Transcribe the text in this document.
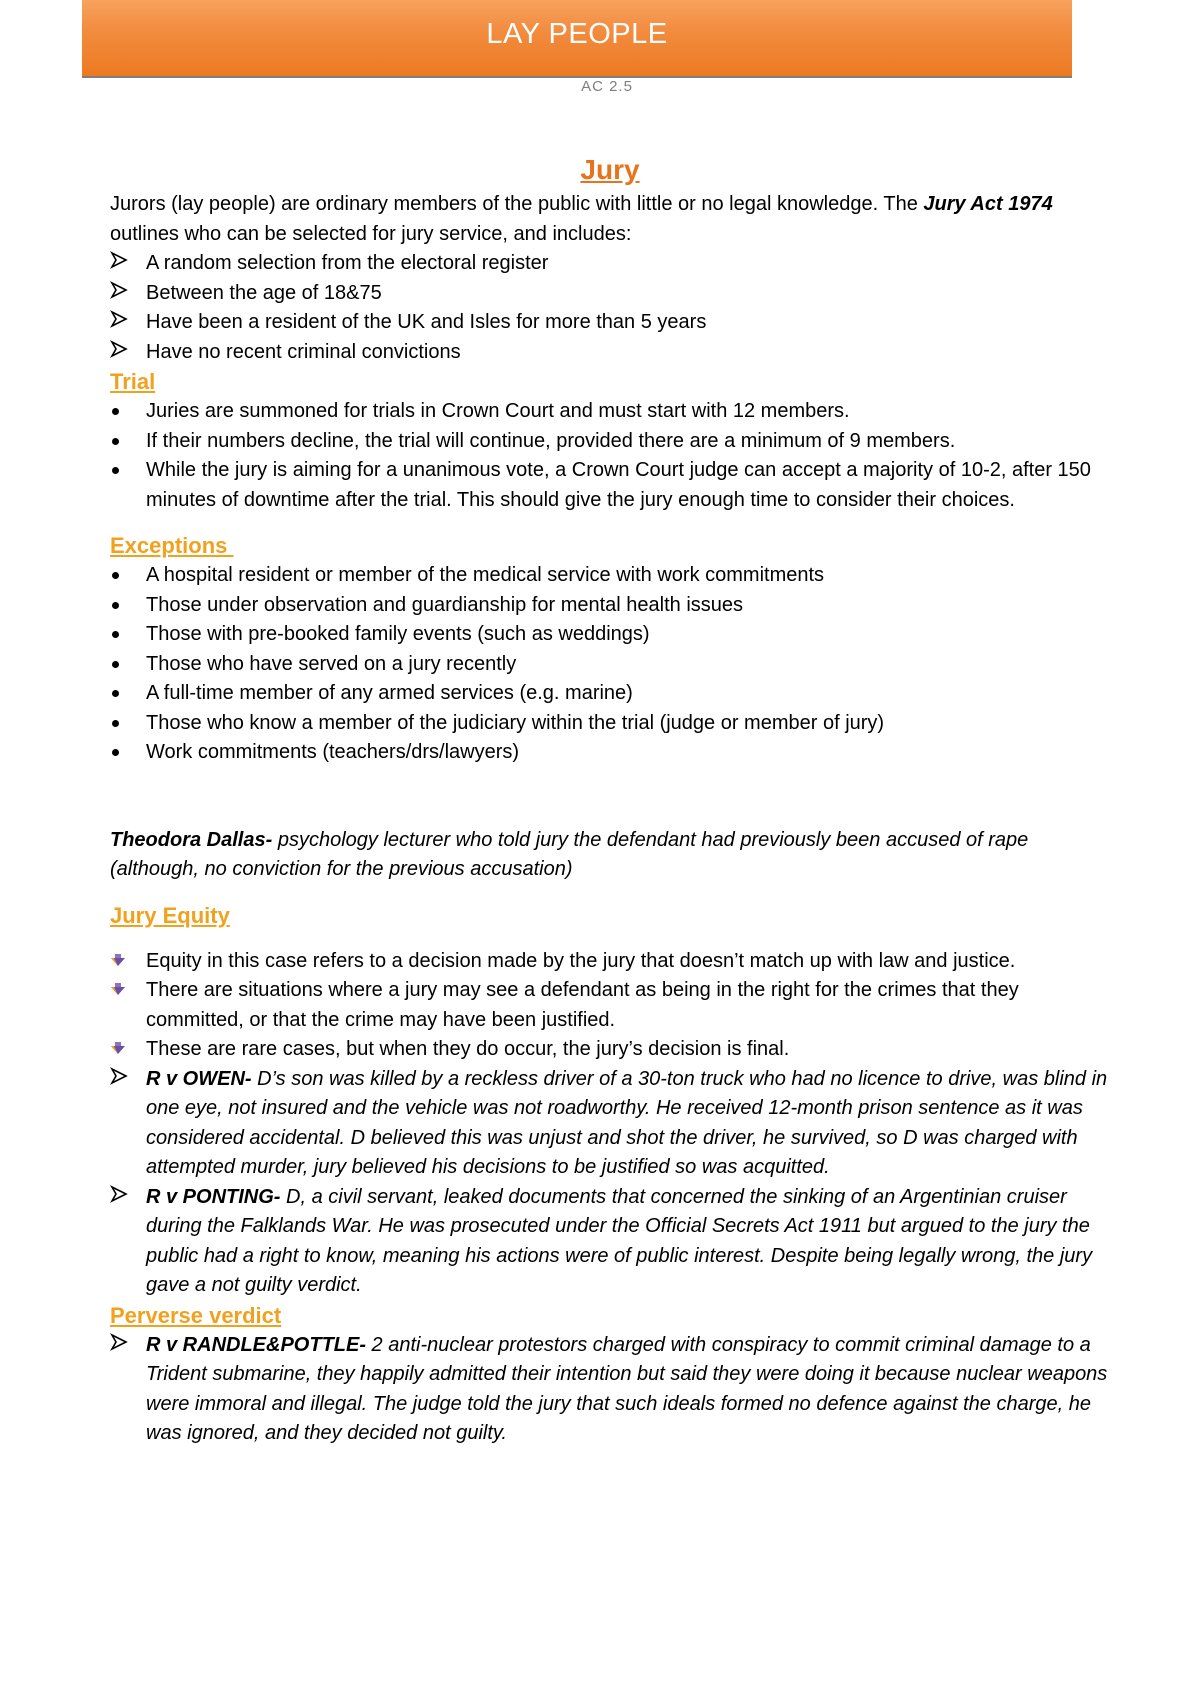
LAY PEOPLE
AC 2.5
Jury

Jurors (lay people) are ordinary members of the public with little or no legal knowledge. The Jury Act 1974 outlines who can be selected for jury service, and includes:

A random selection from the electoral register
Between the age of 18&75
Have been a resident of the UK and Isles for more than 5 years
Have no recent criminal convictions
Trial
Juries are summoned for trials in Crown Court and must start with 12 members.
If their numbers decline, the trial will continue, provided there are a minimum of 9 members.
While the jury is aiming for a unanimous vote, a Crown Court judge can accept a majority of 10-2, after 150 minutes of downtime after the trial. This should give the jury enough time to consider their choices.
Exceptions
A hospital resident or member of the medical service with work commitments
Those under observation and guardianship for mental health issues
Those with pre-booked family events (such as weddings)
Those who have served on a jury recently
A full-time member of any armed services (e.g. marine)
Those who know a member of the judiciary within the trial (judge or member of jury)
Work commitments (teachers/drs/lawyers)

Theodora Dallas- psychology lecturer who told jury the defendant had previously been accused of rape (although, no conviction for the previous accusation)

Jury Equity
Equity in this case refers to a decision made by the jury that doesn’t match up with law and justice.
There are situations where a jury may see a defendant as being in the right for the crimes that they committed, or that the crime may have been justified.
These are rare cases, but when they do occur, the jury’s decision is final.
R v OWEN- D’s son was killed by a reckless driver of a 30-ton truck who had no licence to drive, was blind in one eye, not insured and the vehicle was not roadworthy. He received 12-month prison sentence as it was considered accidental. D believed this was unjust and shot the driver, he survived, so D was charged with attempted murder, jury believed his decisions to be justified so was acquitted.
R v PONTING- D, a civil servant, leaked documents that concerned the sinking of an Argentinian cruiser during the Falklands War. He was prosecuted under the Official Secrets Act 1911 but argued to the jury the public had a right to know, meaning his actions were of public interest. Despite being legally wrong, the jury gave a not guilty verdict.
Perverse verdict
R v RANDLE&POTTLE- 2 anti-nuclear protestors charged with conspiracy to commit criminal damage to a Trident submarine, they happily admitted their intention but said they were doing it because nuclear weapons were immoral and illegal. The judge told the jury that such ideals formed no defence against the charge, he was ignored, and they decided not guilty.
